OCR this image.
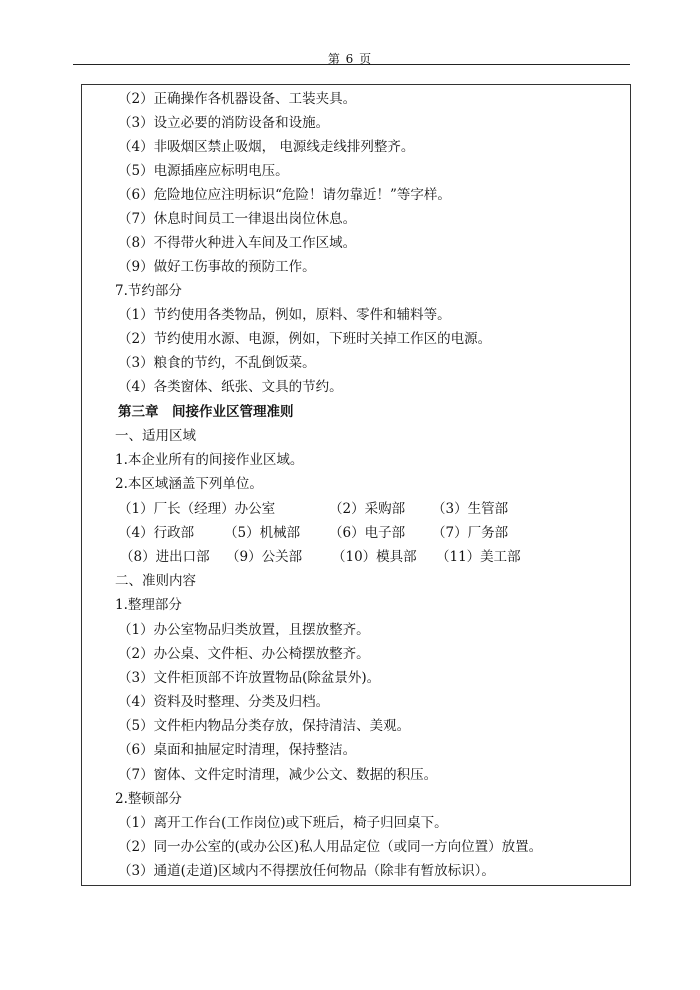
第 6 页
（2）正确操作各机器设备、工装夹具。
（3）设立必要的消防设备和设施。
（4）非吸烟区禁止吸烟， 电源线走线排列整齐。
（5）电源插座应标明电压。
（6）危险地位应注明标识“危险！请勿靠近！”等字样。
（7）休息时间员工一律退出岗位休息。
（8）不得带火种进入车间及工作区域。
（9）做好工伤事故的预防工作。
7.节约部分
（1）节约使用各类物品，例如，原料、零件和辅料等。
（2）节约使用水源、电源，例如，下班时关掉工作区的电源。
（3）粮食的节约，不乱倒饭菜。
（4）各类窗体、纸张、文具的节约。
第三章　间接作业区管理准则
一、适用区域
1.本企业所有的间接作业区域。
2.本区域涵盖下列单位。
（1）厂长（经理）办公室	（2）采购部 （3）生管部
（4）行政部 （5）机械部 （6）电子部 （7）厂务部
（8）进出口部 （9）公关部 （10）模具部 （11）美工部
二、准则内容
1.整理部分
（1）办公室物品归类放置，且摆放整齐。
（2）办公桌、文件柜、办公椅摆放整齐。
（3）文件柜顶部不许放置物品(除盆景外)。
（4）资料及时整理、分类及归档。
（5）文件柜内物品分类存放，保持清洁、美观。
（6）桌面和抽屉定时清理，保持整洁。
（7）窗体、文件定时清理，减少公文、数据的积压。
2.整顿部分
（1）离开工作台(工作岗位)或下班后，椅子归回桌下。
（2）同一办公室的(或办公区)私人用品定位（或同一方向位置）放置。
（3）通道(走道)区域内不得摆放任何物品（除非有暂放标识）。
